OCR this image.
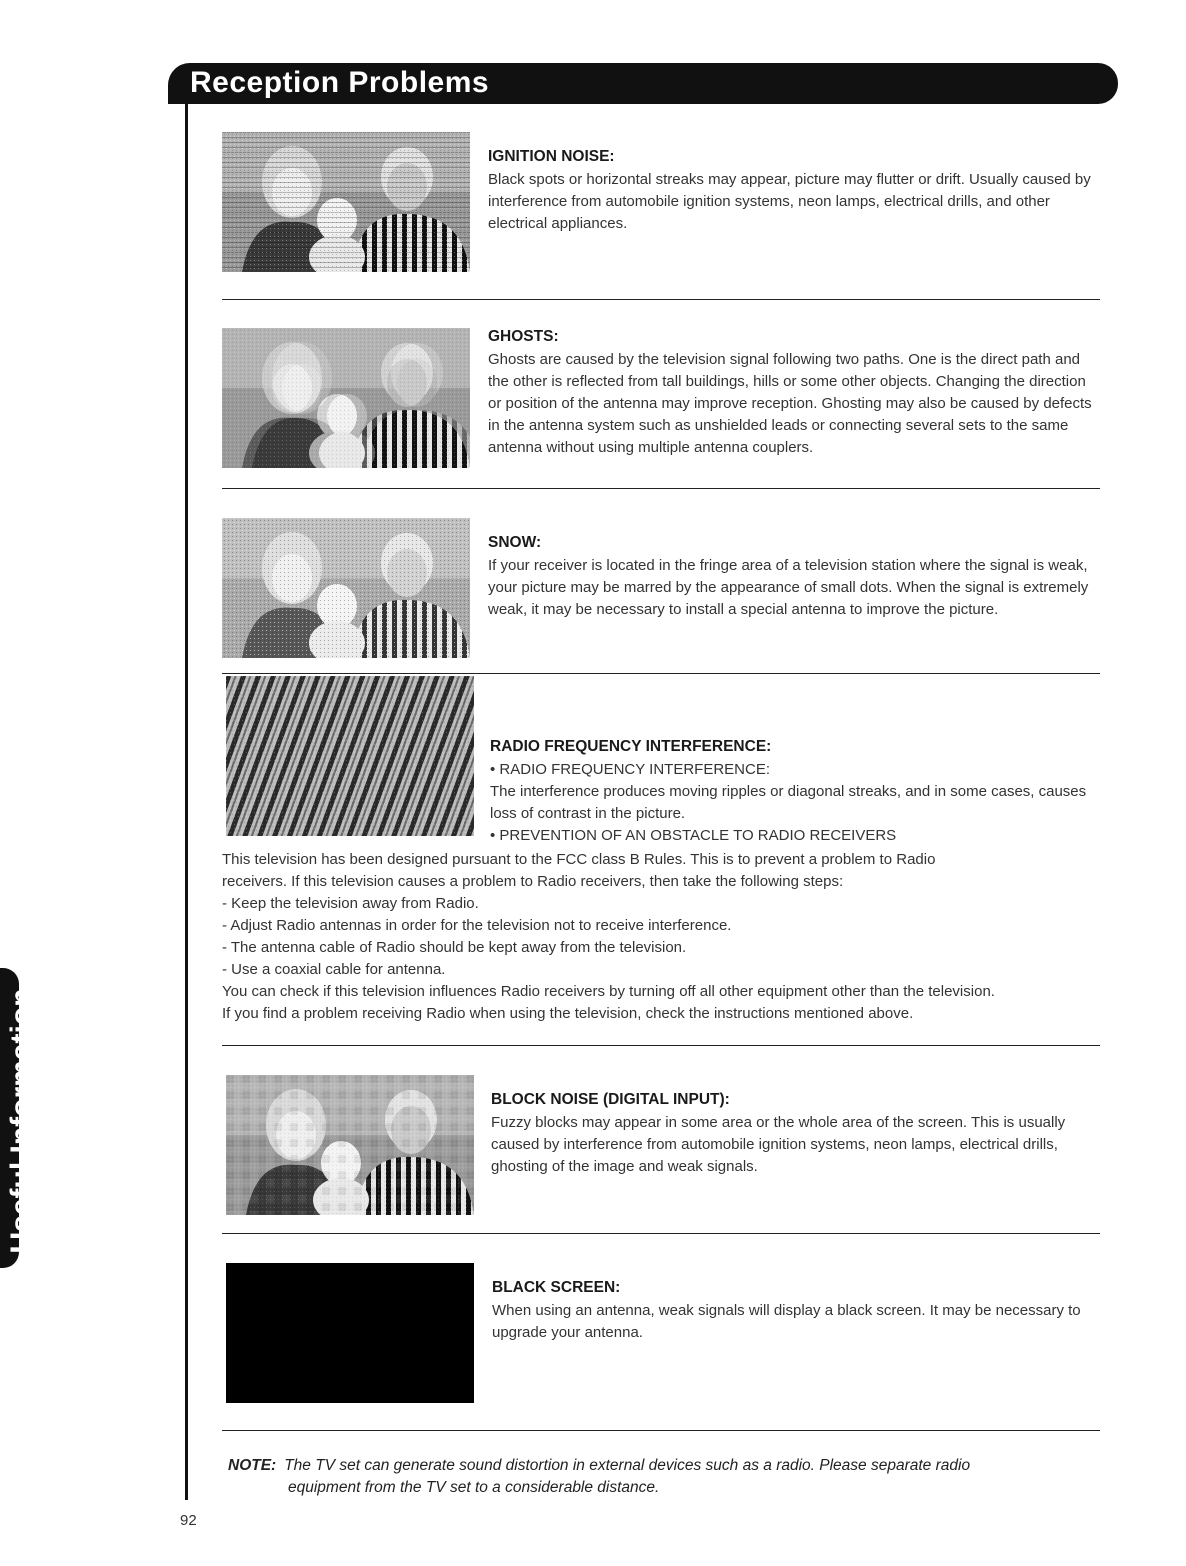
Reception Problems
Useful Information

IGNITION NOISE:

Black spots or horizontal streaks may appear, picture may flutter or drift. Usually caused by interference from automobile ignition systems, neon lamps, electrical drills, and other electrical appliances.

GHOSTS:

Ghosts are caused by the television signal following two paths. One is the direct path and the other is reflected from tall buildings, hills or some other objects. Changing the direction or position of the antenna may improve reception. Ghosting may also be caused by defects in the antenna system such as unshielded leads or connecting several sets to the same antenna without using multiple antenna couplers.

SNOW:

If your receiver is located in the fringe area of a television station where the signal is weak, your picture may be marred by the appearance of small dots. When the signal is extremely weak, it may be necessary to install a special antenna to improve the picture.

RADIO FREQUENCY INTERFERENCE:

• RADIO FREQUENCY INTERFERENCE:

The interference produces moving ripples or diagonal streaks, and in some cases, causes loss of contrast in the picture.

• PREVENTION OF AN OBSTACLE TO RADIO RECEIVERS

This television has been designed pursuant to the FCC class B Rules. This is to prevent a problem to Radio
receivers. If this television causes a problem to Radio receivers, then take the following steps:
- Keep the television away from Radio.
- Adjust Radio antennas in order for the television not to receive interference.
- The antenna cable of Radio should be kept away from the television.
- Use a coaxial cable for antenna.
You can check if this television influences Radio receivers by turning off all other equipment other than the television.
If you find a problem receiving Radio when using the television, check the instructions mentioned above.

BLOCK NOISE (DIGITAL INPUT):

Fuzzy blocks may appear in some area or the whole area of the screen. This is usually caused by interference from automobile ignition systems, neon lamps, electrical drills, ghosting of the image and weak signals.

BLACK SCREEN:

When using an antenna, weak signals will display a black screen. It may be necessary to upgrade your antenna.

NOTE: The TV set can generate sound distortion in external devices such as a radio. Please separate radio
equipment from the TV set to a considerable distance.
92
